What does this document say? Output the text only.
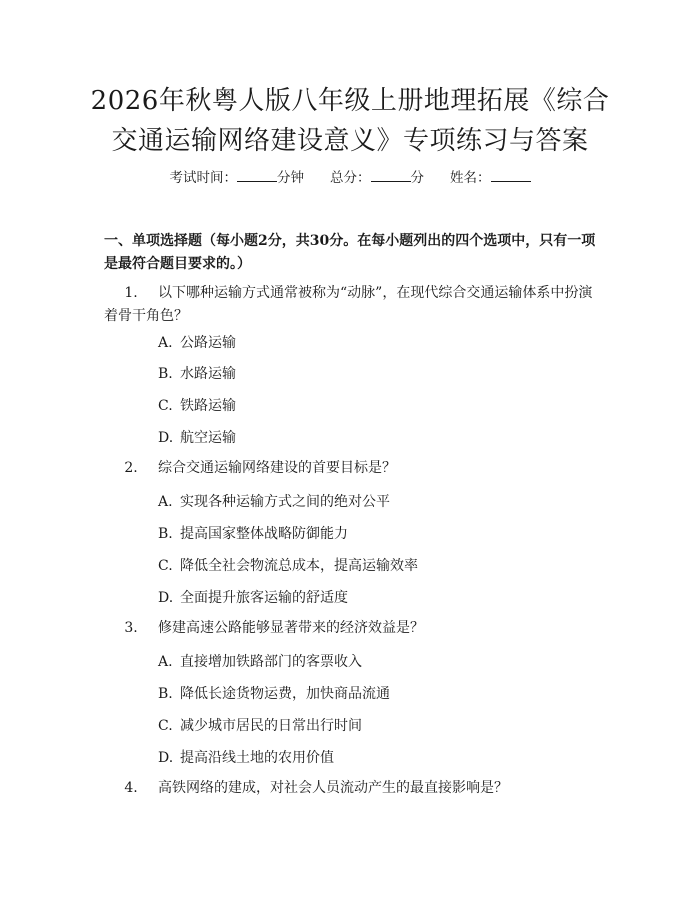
2026年秋粤人版八年级上册地理拓展《综合
交通运输网络建设意义》专项练习与答案
考试时间：	分钟 总分：	分 姓名：
一、单项选择题（每小题2分，共30分。在每小题列出的四个选项中，只有一项
是最符合题目要求的。）
1. 以下哪种运输方式通常被称为“动脉”，在现代综合交通运输体系中扮演
着骨干角色？
A. 公路运输
B. 水路运输
C. 铁路运输
D. 航空运输
2. 综合交通运输网络建设的首要目标是？
A. 实现各种运输方式之间的绝对公平
B. 提高国家整体战略防御能力
C. 降低全社会物流总成本，提高运输效率
D. 全面提升旅客运输的舒适度
3. 修建高速公路能够显著带来的经济效益是？
A. 直接增加铁路部门的客票收入
B. 降低长途货物运费，加快商品流通
C. 减少城市居民的日常出行时间
D. 提高沿线土地的农用价值
4. 高铁网络的建成，对社会人员流动产生的最直接影响是？
